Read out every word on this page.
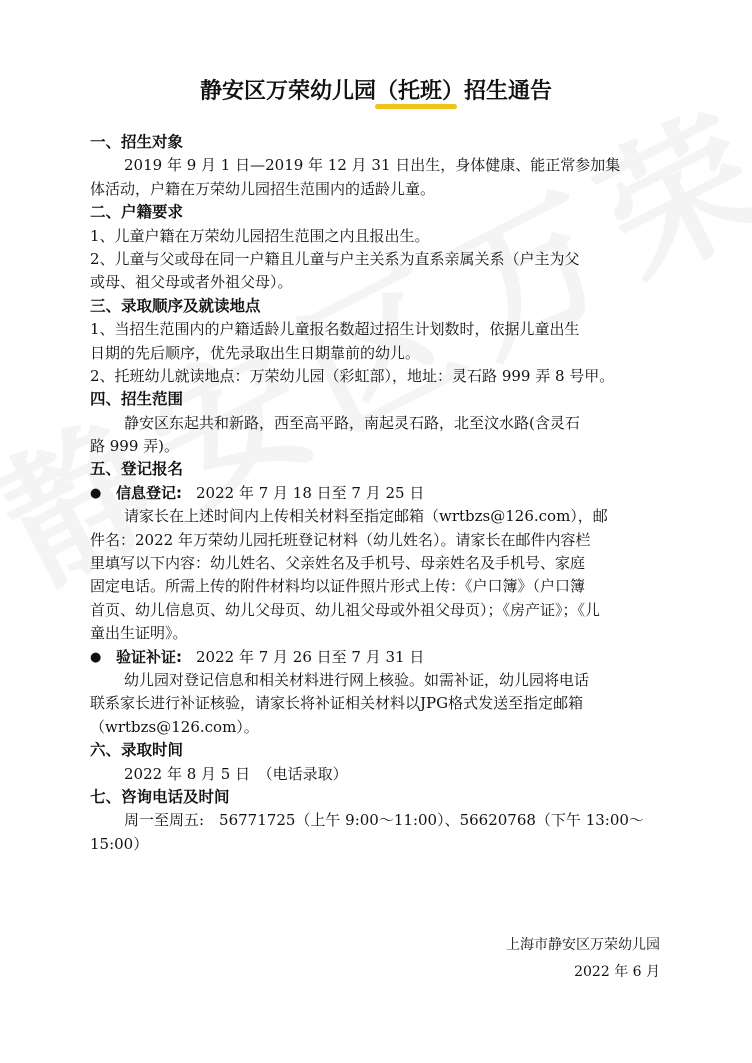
静安区万荣幼儿园（托班）招生通告
一、招生对象
2019 年 9 月 1 日—2019 年 12 月 31 日出生，身体健康、能正常参加集
体活动，户籍在万荣幼儿园招生范围内的适龄儿童。
二、户籍要求
1、儿童户籍在万荣幼儿园招生范围之内且报出生。
2、儿童与父或母在同一户籍且儿童与户主关系为直系亲属关系（户主为父
或母、祖父母或者外祖父母）。
三、录取顺序及就读地点
1、当招生范围内的户籍适龄儿童报名数超过招生计划数时，依据儿童出生
日期的先后顺序，优先录取出生日期靠前的幼儿。
2、托班幼儿就读地点：万荣幼儿园（彩虹部），地址：灵石路 999 弄 8 号甲。
四、招生范围
静安区东起共和新路，西至高平路，南起灵石路，北至汶水路(含灵石
路 999 弄)。
五、登记报名
● 信息登记: 2022 年 7 月 18 日至 7 月 25 日
请家长在上述时间内上传相关材料至指定邮箱（wrtbzs@126.com），邮
件名：2022 年万荣幼儿园托班登记材料（幼儿姓名）。请家长在邮件内容栏
里填写以下内容：幼儿姓名、父亲姓名及手机号、母亲姓名及手机号、家庭
固定电话。所需上传的附件材料均以证件照片形式上传：《户口簿》（户口簿
首页、幼儿信息页、幼儿父母页、幼儿祖父母或外祖父母页）；《房产证》；《儿
童出生证明》。
● 验证补证: 2022 年 7 月 26 日至 7 月 31 日
幼儿园对登记信息和相关材料进行网上核验。如需补证，幼儿园将电话
联系家长进行补证核验，请家长将补证相关材料以JPG格式发送至指定邮箱
（wrtbzs@126.com）。
六、录取时间
2022 年 8 月 5 日　（电话录取）
七、咨询电话及时间
周一至周五:　56771725（上午 9:00～11:00）、56620768（下午 13:00～
15:00）
上海市静安区万荣幼儿园
2022 年 6 月
